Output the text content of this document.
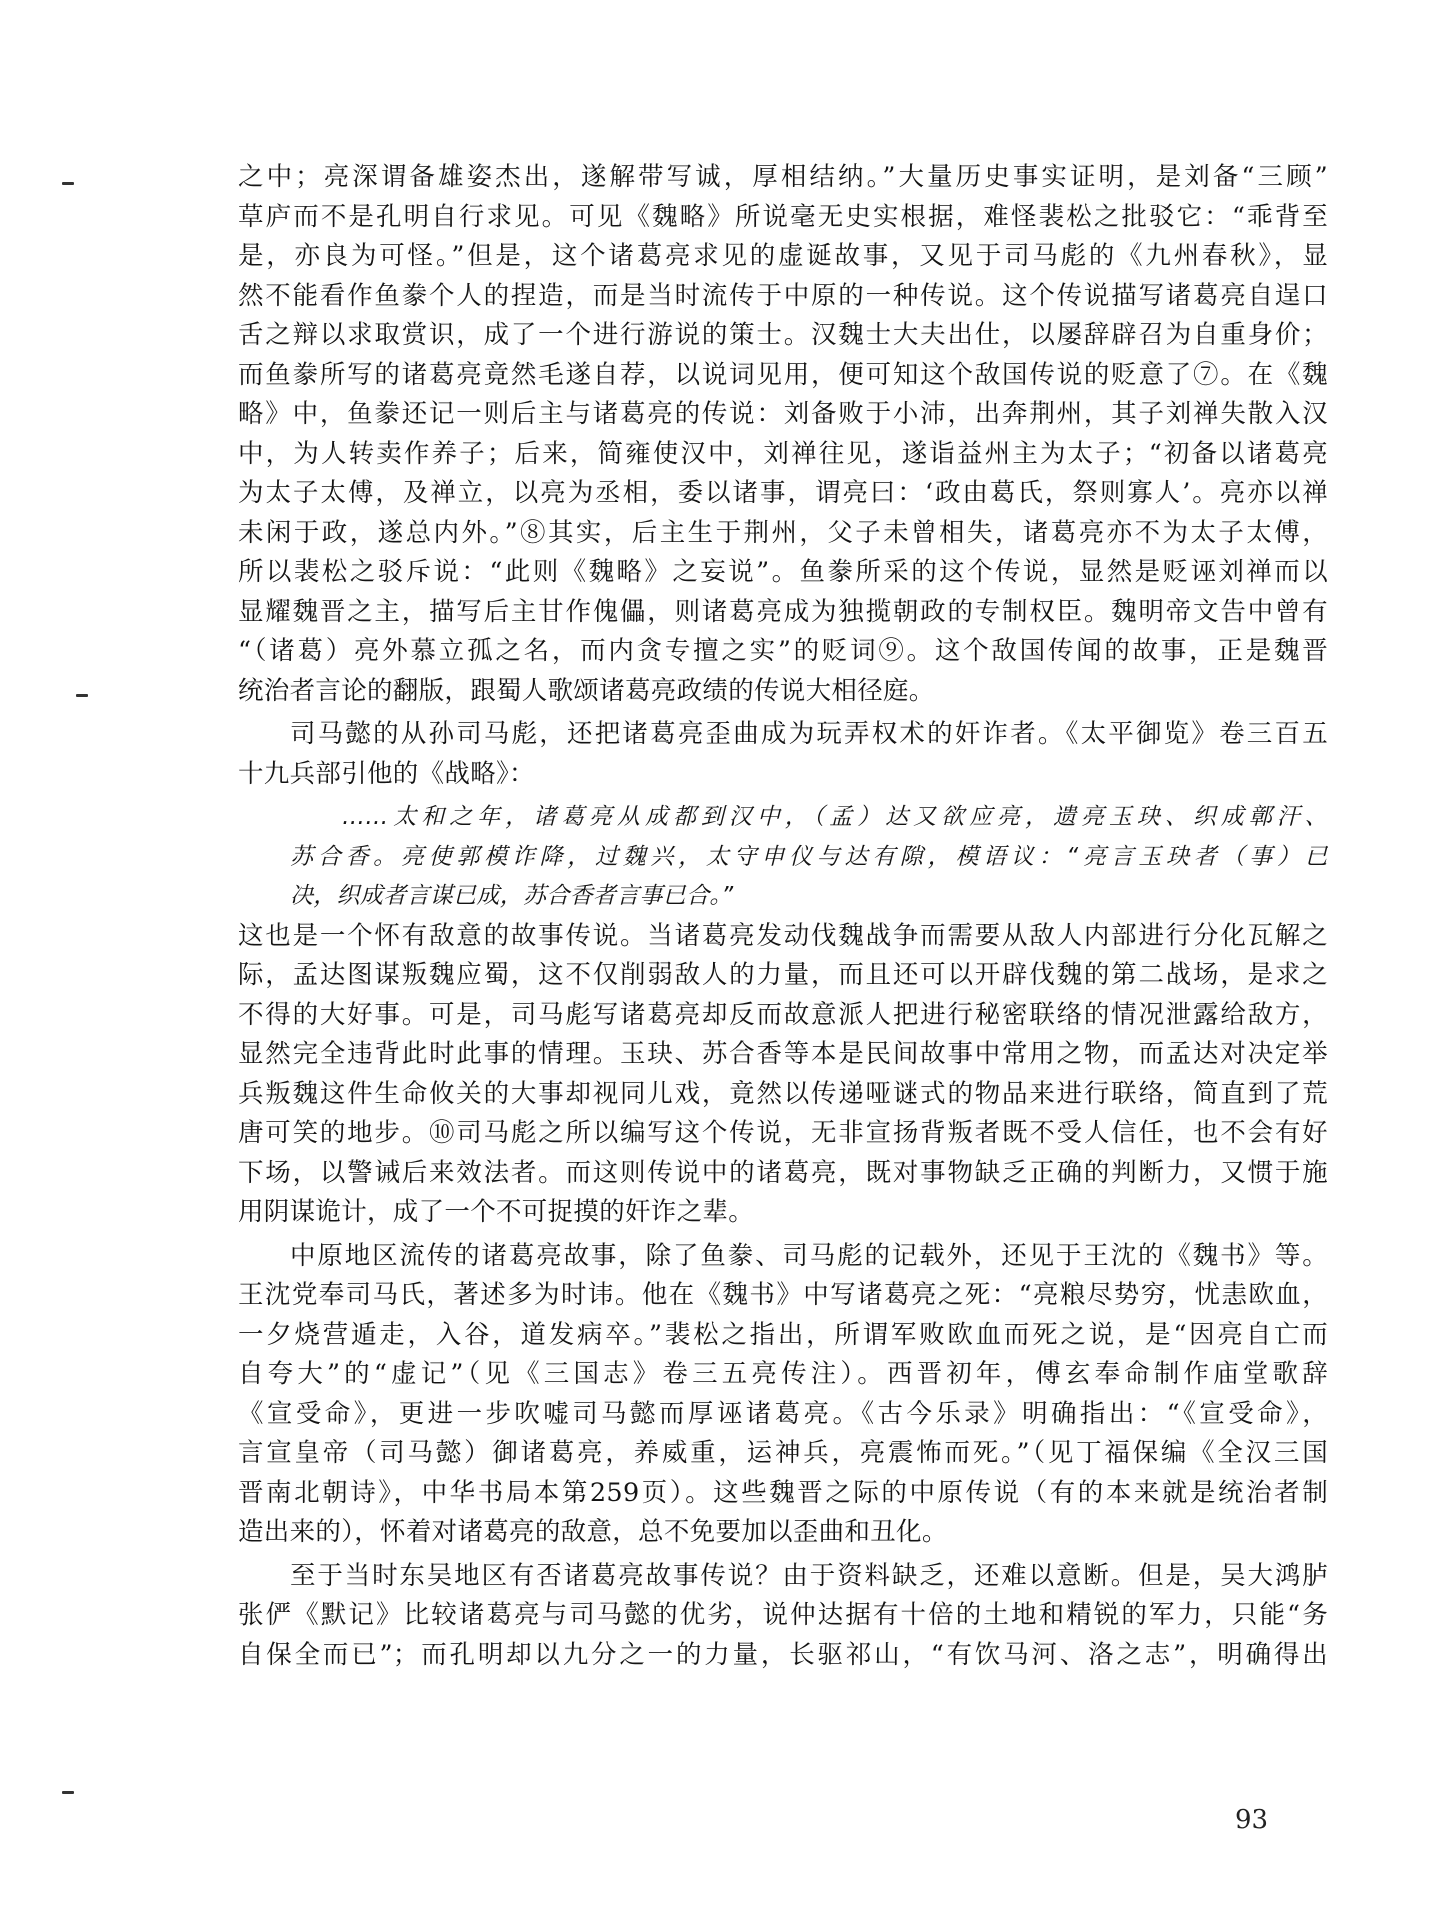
之中；亮深谓备雄姿杰出，遂解带写诚，厚相结纳。”大量历史事实证明，是刘备“三顾”
草庐而不是孔明自行求见。可见《魏略》所说毫无史实根据，难怪裴松之批驳它：“乖背至
是，亦良为可怪。”但是，这个诸葛亮求见的虚诞故事，又见于司马彪的《九州春秋》，显
然不能看作鱼豢个人的捏造，而是当时流传于中原的一种传说。这个传说描写诸葛亮自逞口
舌之辩以求取赏识，成了一个进行游说的策士。汉魏士大夫出仕，以屡辞辟召为自重身价；
而鱼豢所写的诸葛亮竟然毛遂自荐，以说词见用，便可知这个敌国传说的贬意了⑦。在《魏
略》中，鱼豢还记一则后主与诸葛亮的传说：刘备败于小沛，出奔荆州，其子刘禅失散入汉
中，为人转卖作养子；后来，简雍使汉中，刘禅往见，遂诣益州主为太子；“初备以诸葛亮
为太子太傅，及禅立，以亮为丞相，委以诸事，谓亮曰：‘政由葛氏，祭则寡人’。亮亦以禅
未闲于政，遂总内外。”⑧其实，后主生于荆州，父子未曾相失，诸葛亮亦不为太子太傅，
所以裴松之驳斥说：“此则《魏略》之妄说”。鱼豢所采的这个传说，显然是贬诬刘禅而以
显耀魏晋之主，描写后主甘作傀儡，则诸葛亮成为独揽朝政的专制权臣。魏明帝文告中曾有
“（诸葛）亮外慕立孤之名，而内贪专擅之实”的贬词⑨。这个敌国传闻的故事，正是魏晋
统治者言论的翻版，跟蜀人歌颂诸葛亮政绩的传说大相径庭。
司马懿的从孙司马彪，还把诸葛亮歪曲成为玩弄权术的奸诈者。《太平御览》卷三百五
十九兵部引他的《战略》：
……太和之年，诸葛亮从成都到汉中，（孟）达又欲应亮，遗亮玉玦、织成鄣汗、
苏合香。亮使郭模诈降，过魏兴，太守申仪与达有隙，模语议：“亮言玉玦者（事）已
决，织成者言谋已成，苏合香者言事已合。”
这也是一个怀有敌意的故事传说。当诸葛亮发动伐魏战争而需要从敌人内部进行分化瓦解之
际，孟达图谋叛魏应蜀，这不仅削弱敌人的力量，而且还可以开辟伐魏的第二战场，是求之
不得的大好事。可是，司马彪写诸葛亮却反而故意派人把进行秘密联络的情况泄露给敌方，
显然完全违背此时此事的情理。玉玦、苏合香等本是民间故事中常用之物，而孟达对决定举
兵叛魏这件生命攸关的大事却视同儿戏，竟然以传递哑谜式的物品来进行联络，简直到了荒
唐可笑的地步。⑩司马彪之所以编写这个传说，无非宣扬背叛者既不受人信任，也不会有好
下场，以警诫后来效法者。而这则传说中的诸葛亮，既对事物缺乏正确的判断力，又惯于施
用阴谋诡计，成了一个不可捉摸的奸诈之辈。
中原地区流传的诸葛亮故事，除了鱼豢、司马彪的记载外，还见于王沈的《魏书》等。
王沈党奉司马氏，著述多为时讳。他在《魏书》中写诸葛亮之死：“亮粮尽势穷，忧恚欧血，
一夕烧营遁走，入谷，道发病卒。”裴松之指出，所谓军败欧血而死之说，是“因亮自亡而
自夸大”的“虚记”（见《三国志》卷三五亮传注）。西晋初年，傅玄奉命制作庙堂歌辞
《宣受命》，更进一步吹嘘司马懿而厚诬诸葛亮。《古今乐录》明确指出：“《宣受命》，
言宣皇帝（司马懿）御诸葛亮，养威重，运神兵，亮震怖而死。”（见丁福保编《全汉三国
晋南北朝诗》，中华书局本第259页）。这些魏晋之际的中原传说（有的本来就是统治者制
造出来的），怀着对诸葛亮的敌意，总不免要加以歪曲和丑化。
至于当时东吴地区有否诸葛亮故事传说？由于资料缺乏，还难以意断。但是，吴大鸿胪
张俨《默记》比较诸葛亮与司马懿的优劣，说仲达据有十倍的土地和精锐的军力，只能“务
自保全而已”；而孔明却以九分之一的力量，长驱祁山，“有饮马河、洛之志”，明确得出
93
